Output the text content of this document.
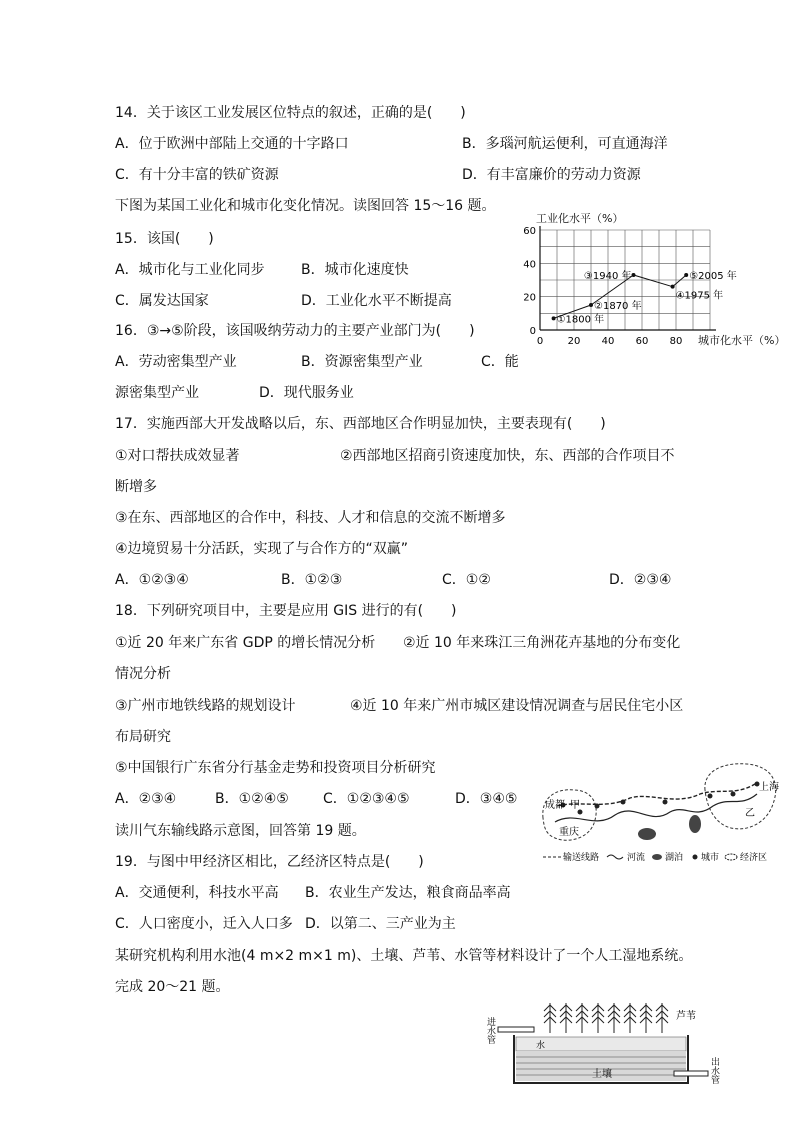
14．关于该区工业发展区位特点的叙述，正确的是(　　)
A．位于欧洲中部陆上交通的十字路口	B．多瑙河航运便利，可直通海洋
C．有十分丰富的铁矿资源	D．有丰富廉价的劳动力资源
下图为某国工业化和城市化变化情况。读图回答 15～16 题。
15．该国(　　)
A．城市化与工业化同步	B．城市化速度快
C．属发达国家	D．工业化水平不断提高
16．③→⑤阶段，该国吸纳劳动力的主要产业部门为(　　)
A．劳动密集型产业	B．资源密集型产业	C．能
源密集型产业	D．现代服务业
工业化水平（%）
0
20
40
60
0 20 40 60 80 城市化水平（%）
①1800 年
②1870 年
③1940 年
④1975 年
⑤2005 年
17．实施西部大开发战略以后，东、西部地区合作明显加快，主要表现有(　　)
①对口帮扶成效显著	②西部地区招商引资速度加快，东、西部的合作项目不
断增多
③在东、西部地区的合作中，科技、人才和信息的交流不断增多
④边境贸易十分活跃，实现了与合作方的“双赢”
A．①②③④	B．①②③	C．①②	D．②③④
18．下列研究项目中，主要是应用 GIS 进行的有(　　)
①近 20 年来广东省 GDP 的增长情况分析 ②近 10 年来珠江三角洲花卉基地的分布变化
情况分析
③广州市地铁线路的规划设计	④近 10 年来广州市城区建设情况调查与居民住宅小区
布局研究
⑤中国银行广东省分行基金走势和投资项目分析研究
A．②③④	B．①②④⑤ C．①②③④⑤	D．③④⑤
读川气东输线路示意图，回答第 19 题。
成都 甲
重庆
上海
乙
输送线路	河流 湖泊 城市 经济区
19．与图中甲经济区相比，乙经济区特点是(　　)
A．交通便利，科技水平高 B．农业生产发达，粮食商品率高
C．人口密度小，迁入人口多 D．以第二、三产业为主
某研究机构利用水池(4 m×2 m×1 m)、土壤、芦苇、水管等材料设计了一个人工湿地系统。
完成 20～21 题。
进水管
芦苇
水
土壤	出水管
